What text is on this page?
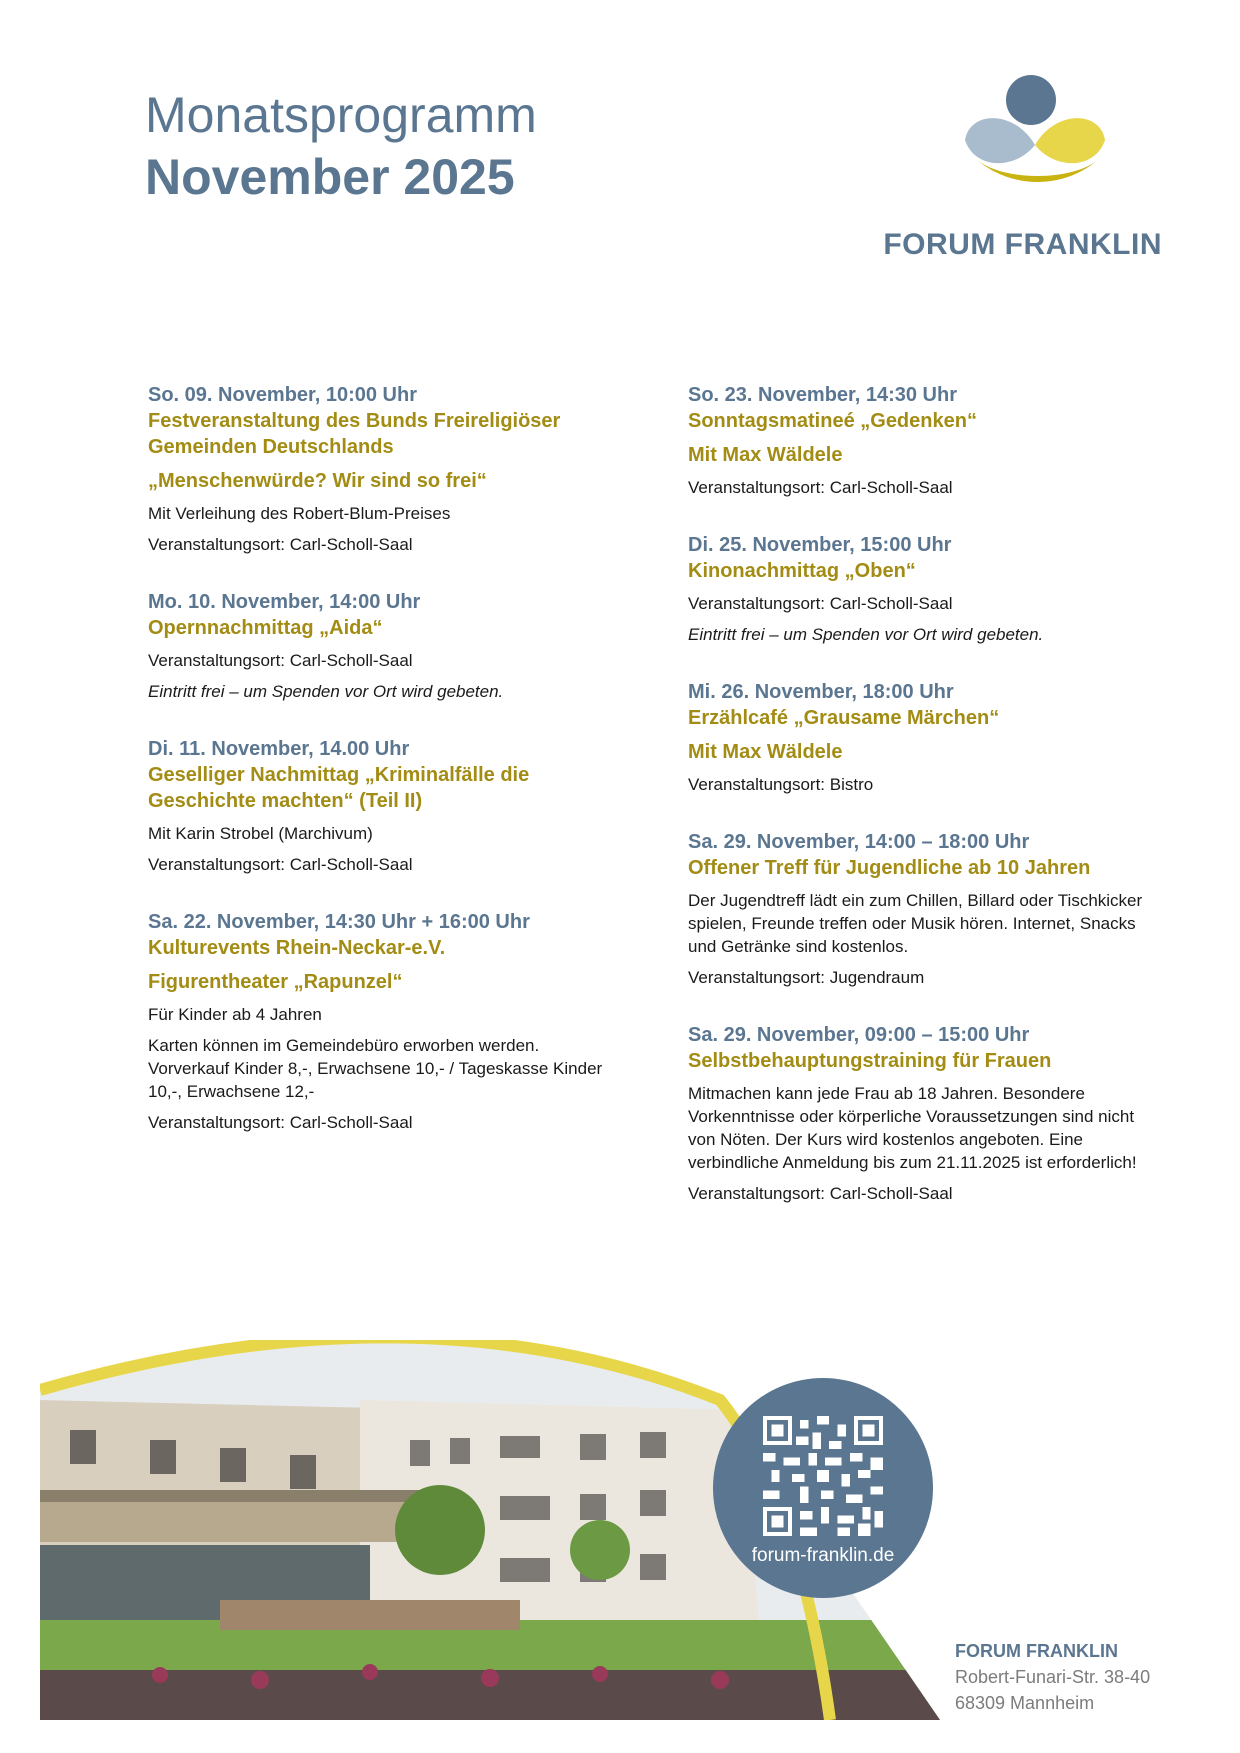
Monatsprogramm
November 2025
FORUM FRANKLIN
So. 09. November, 10:00 Uhr
Festveranstaltung des Bunds Freireligiöser Gemeinden Deutschlands
„Menschenwürde? Wir sind so frei“
Mit Verleihung des Robert-Blum-Preises
Veranstaltungsort: Carl-Scholl-Saal
Mo. 10. November, 14:00 Uhr
Opernnachmittag „Aida“
Veranstaltungsort: Carl-Scholl-Saal
Eintritt frei – um Spenden vor Ort wird gebeten.
Di. 11. November, 14.00 Uhr
Geselliger Nachmittag „Kriminalfälle die Geschichte machten“ (Teil II)
Mit Karin Strobel (Marchivum)
Veranstaltungsort: Carl-Scholl-Saal
Sa. 22. November, 14:30 Uhr + 16:00 Uhr
Kulturevents Rhein-Neckar-e.V.
Figurentheater „Rapunzel“
Für Kinder ab 4 Jahren
Karten können im Gemeindebüro erworben werden. Vorverkauf Kinder 8,-, Erwachsene 10,- / Tageskasse Kinder 10,-, Erwachsene 12,-
Veranstaltungsort: Carl-Scholl-Saal
So. 23. November, 14:30 Uhr
Sonntagsmatineé „Gedenken“
Mit Max Wäldele
Veranstaltungsort: Carl-Scholl-Saal
Di. 25. November, 15:00 Uhr
Kinonachmittag „Oben“
Veranstaltungsort: Carl-Scholl-Saal
Eintritt frei – um Spenden vor Ort wird gebeten.
Mi. 26. November, 18:00 Uhr
Erzählcafé „Grausame Märchen“
Mit Max Wäldele
Veranstaltungsort: Bistro
Sa. 29. November, 14:00 – 18:00 Uhr
Offener Treff für Jugendliche ab 10 Jahren
Der Jugendtreff lädt ein zum Chillen, Billard oder Tischkicker spielen, Freunde treffen oder Musik hören. Internet, Snacks und Getränke sind kostenlos.
Veranstaltungsort: Jugendraum
Sa. 29. November, 09:00 – 15:00 Uhr
Selbstbehauptungstraining für Frauen
Mitmachen kann jede Frau ab 18 Jahren. Besondere Vorkenntnisse oder körperliche Voraussetzungen sind nicht von Nöten. Der Kurs wird kostenlos angeboten. Eine verbindliche Anmeldung bis zum 21.11.2025 ist erforderlich!
Veranstaltungsort: Carl-Scholl-Saal
forum-franklin.de
FORUM FRANKLIN
Robert-Funari-Str. 38-40
68309 Mannheim
